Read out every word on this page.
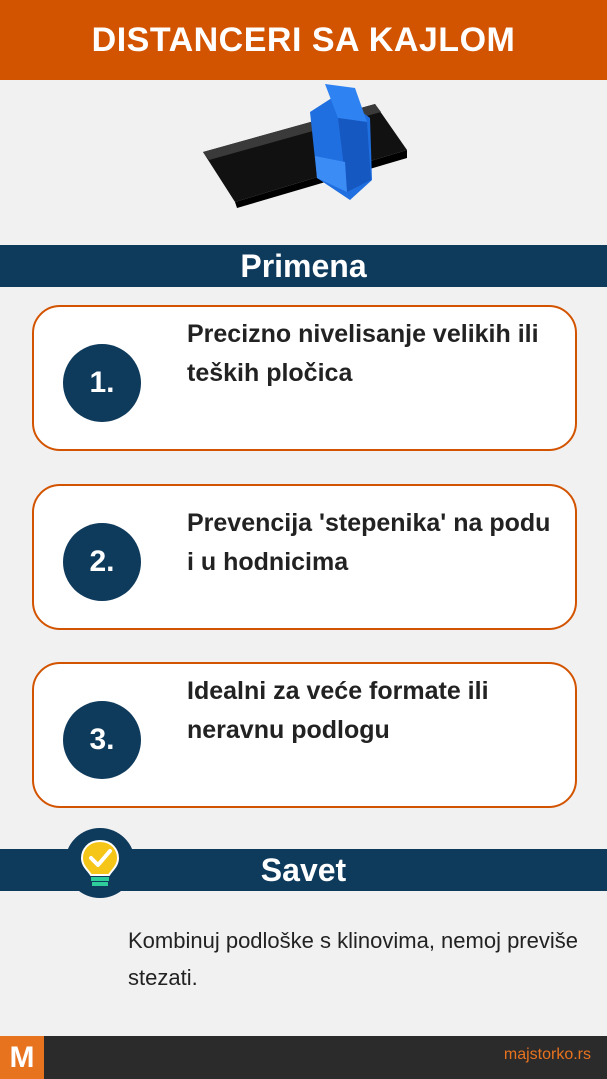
DISTANCERI SA KAJLOM
Primena
1.
Precizno nivelisanje velikih ili teških pločica
2.
Prevencija 'stepenika' na podu i u hodnicima
3.
Idealni za veće formate ili neravnu podlogu
Savet
Kombinuj podloške s klinovima, nemoj previše stezati.
M	majstorko.rs
